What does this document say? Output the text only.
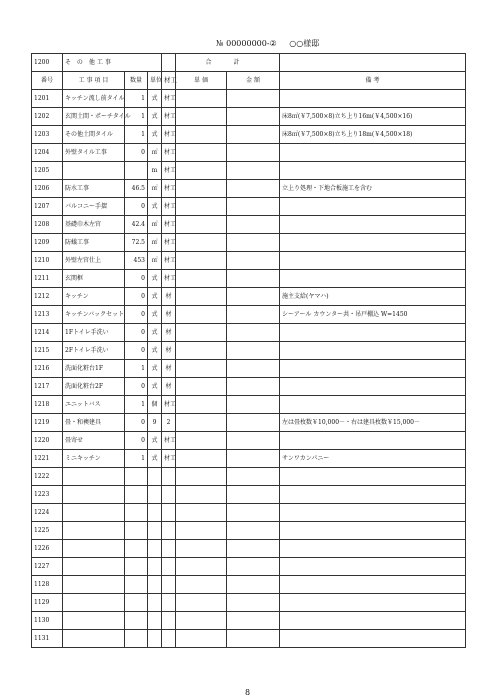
№ 00000000-② ○○様邸
1200	そ の 他工事				合 計		
番号	工 事 項 目	数量	単位	材工	単 価	金 額	備 考
1201	キッチン流し前タイル	1	式	材工			
1202	玄関土間・ポーチタイル	1	式	材工			床8㎡(￥7,500×8)立ち上り16m(￥4,500×16)
1203	その他土間タイル	1	式	材工			床8㎡(￥7,500×8)立ち上り18m(￥4,500×18)
1204	外壁タイル工事	0	㎡	材工			
1205			m	材工			
1206	防水工事	46.5	㎡	材工			立上り処理・下地合板施工を含む
1207	バルコニー手摺	0	式	材工			
1208	基礎巾木左官	42.4	㎡	材工			
1209	防蟻工事	72.5	㎡	材工			
1210	外壁左官仕上	453	㎡	材工			
1211	玄関框	0	式	材工			
1212	キッチン	0	式	材			施主支給(ヤマハ)
1213	キッチンバックセット	0	式	材			シーアール カウンター共・吊戸棚込 W=1450
1214	1Fトイレ手洗い	0	式	材			
1215	2Fトイレ手洗い	0	式	材			
1216	洗面化粧台1F	1	式	材			
1217	洗面化粧台2F	0	式	材			
1218	ユニットバス	1	個	材工			
1219	畳・和襖建具	0	9	2			左は畳枚数￥10,000－・右は建具枚数￥15,000－
1220	畳寄せ	0	式	材工			
1221	ミニキッチン	1	式	材工			サンワカンパニー
1222							
1223							
1224							
1225							
1226							
1227							
1128							
1129							
1130							
1131							
8
